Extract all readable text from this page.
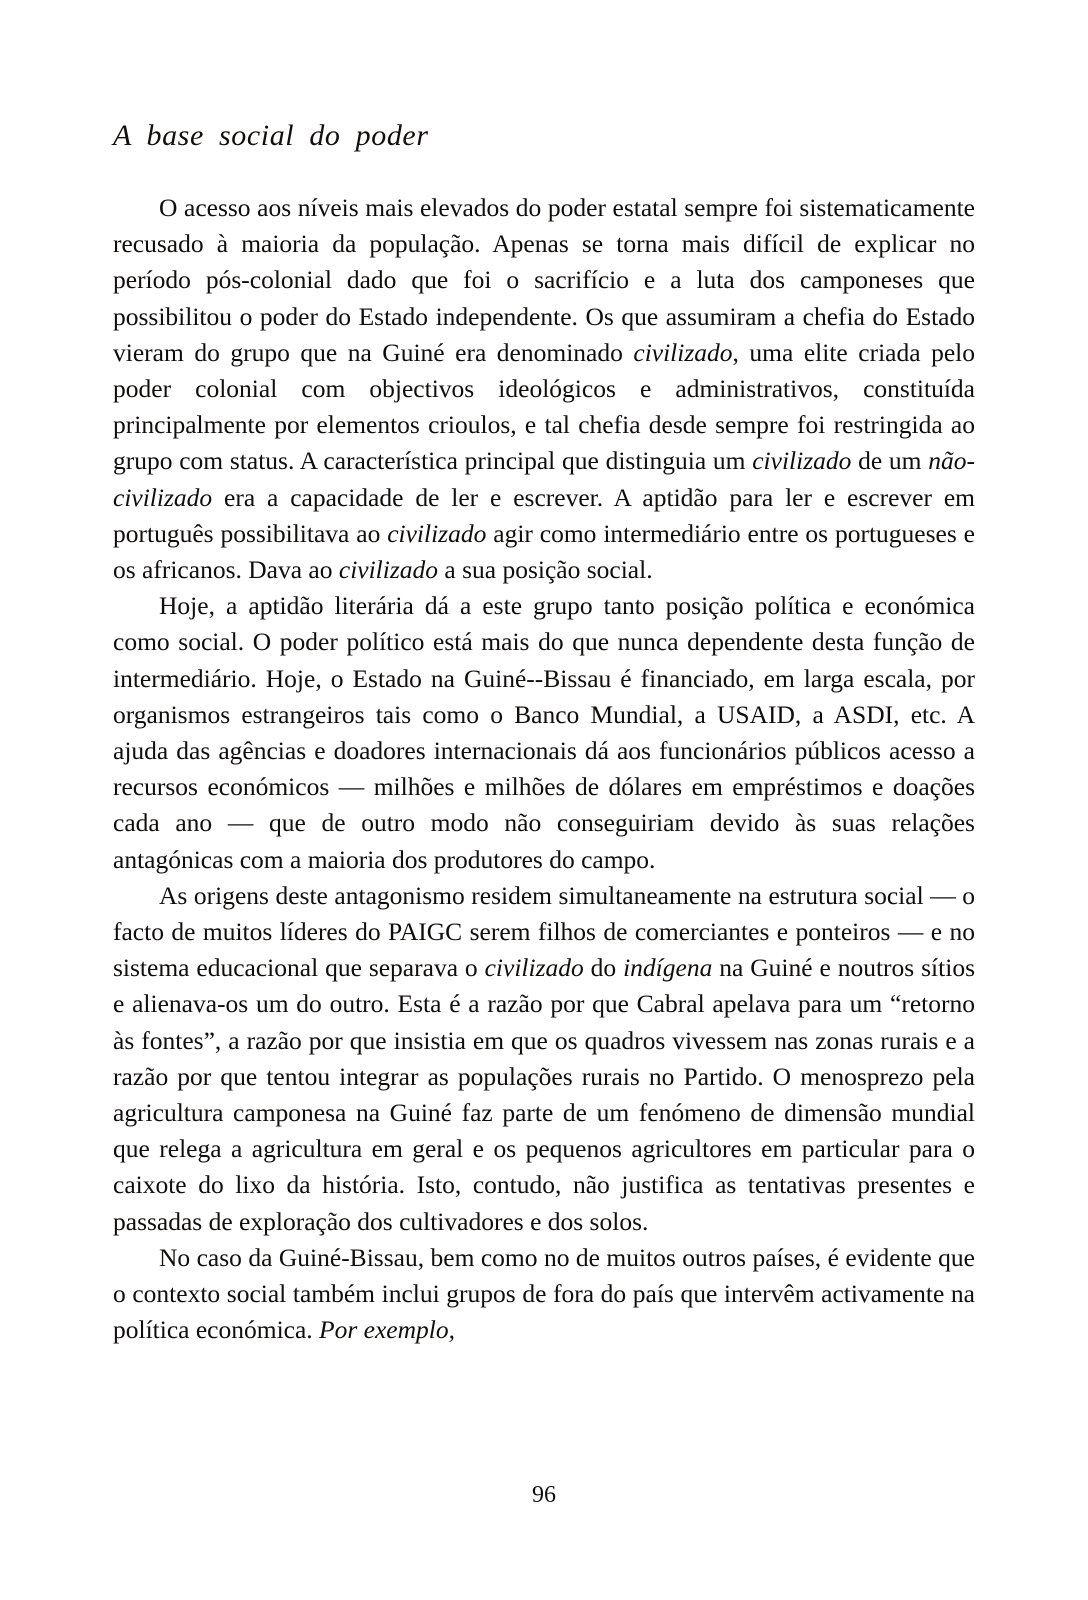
A base social do poder

O acesso aos níveis mais elevados do poder estatal sempre foi sistematicamente recusado à maioria da população. Apenas se torna mais difícil de explicar no período pós-colonial dado que foi o sacrifício e a luta dos camponeses que possibilitou o poder do Estado independente. Os que assumiram a chefia do Estado vieram do grupo que na Guiné era denominado civilizado, uma elite criada pelo poder colonial com objectivos ideológicos e administrativos, constituída principalmente por elementos crioulos, e tal chefia desde sempre foi restringida ao grupo com status. A característica principal que distinguia um civilizado de um não-civilizado era a capacidade de ler e escrever. A aptidão para ler e escrever em português possibilitava ao civilizado agir como intermediário entre os portugueses e os africanos. Dava ao civilizado a sua posição social.

Hoje, a aptidão literária dá a este grupo tanto posição política e económica como social. O poder político está mais do que nunca dependente desta função de intermediário. Hoje, o Estado na Guiné-​-Bissau é financiado, em larga escala, por organismos estrangeiros tais como o Banco Mundial, a USAID, a ASDI, etc. A ajuda das agências e doadores internacionais dá aos funcionários públicos acesso a recursos económicos — milhões e milhões de dólares em empréstimos e doações cada ano — que de outro modo não conseguiriam devido às suas relações antagónicas com a maioria dos produtores do campo.

As origens deste antagonismo residem simultaneamente na estrutura social — o facto de muitos líderes do PAIGC serem filhos de comerciantes e ponteiros — e no sistema educacional que separava o civilizado do indígena na Guiné e noutros sítios e alienava-os um do outro. Esta é a razão por que Cabral apelava para um “retorno às fontes”, a razão por que insistia em que os quadros vivessem nas zonas rurais e a razão por que tentou integrar as populações rurais no Partido. O menosprezo pela agricultura camponesa na Guiné faz parte de um fenómeno de dimensão mundial que relega a agricultura em geral e os pequenos agricultores em particular para o caixote do lixo da história. Isto, contudo, não justifica as tentativas presentes e passadas de exploração dos cultivadores e dos solos.

No caso da Guiné-Bissau, bem como no de muitos outros países, é evidente que o contexto social também inclui grupos de fora do país que intervêm activamente na política económica. Por exemplo,

96
